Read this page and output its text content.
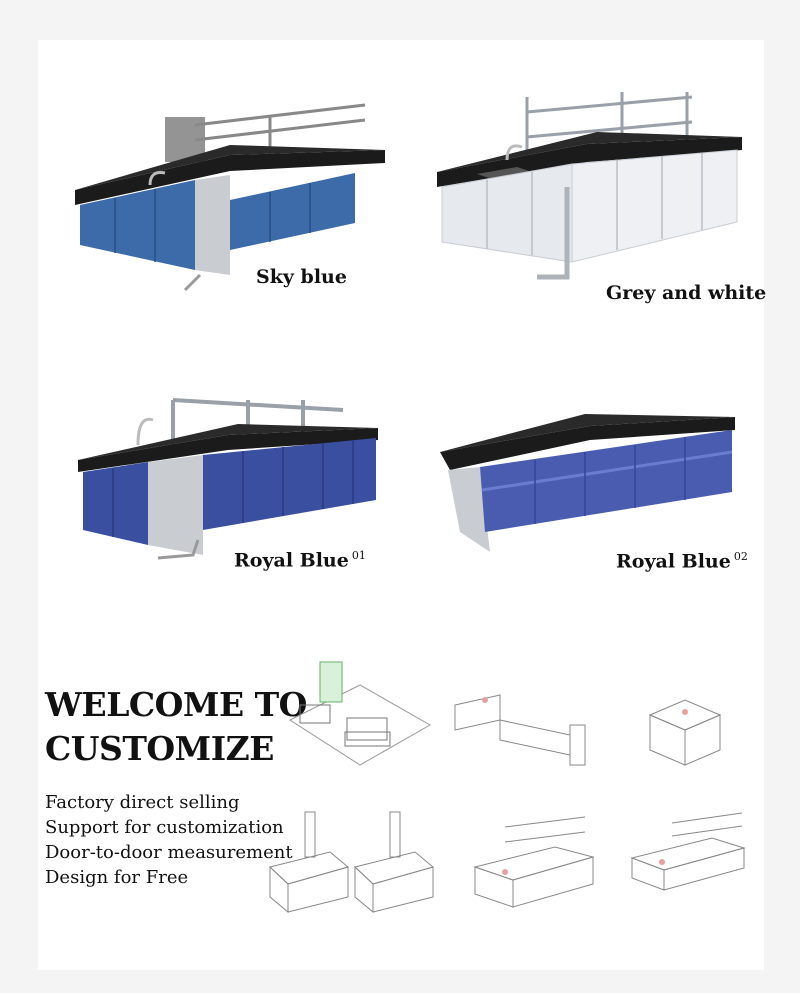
Sky blue
Grey and white
Royal Blue $^{01}$	Royal Blue $^{02}$
WELCOME TO
CUSTOMIZE
Factory direct selling
Support for customization
Door-to-door measurement
Design for Free
